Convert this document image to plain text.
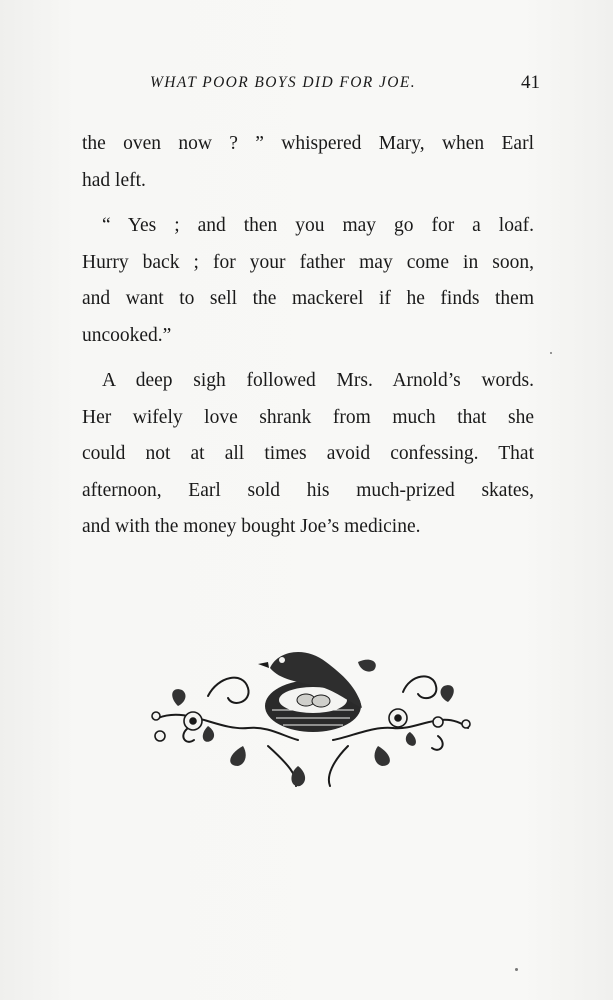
WHAT POOR BOYS DID FOR JOE.	41

the oven now ? ” whispered Mary, when Earl
had left.

“ Yes ; and then you may go for a loaf.
Hurry back ; for your father may come in soon,
and want to sell the mackerel if he finds them
uncooked.”

A deep sigh followed Mrs. Arnold’s words.
Her wifely love shrank from much that she
could not at all times avoid confessing. That
afternoon, Earl sold his much-prized skates,
and with the money bought Joe’s medicine.
